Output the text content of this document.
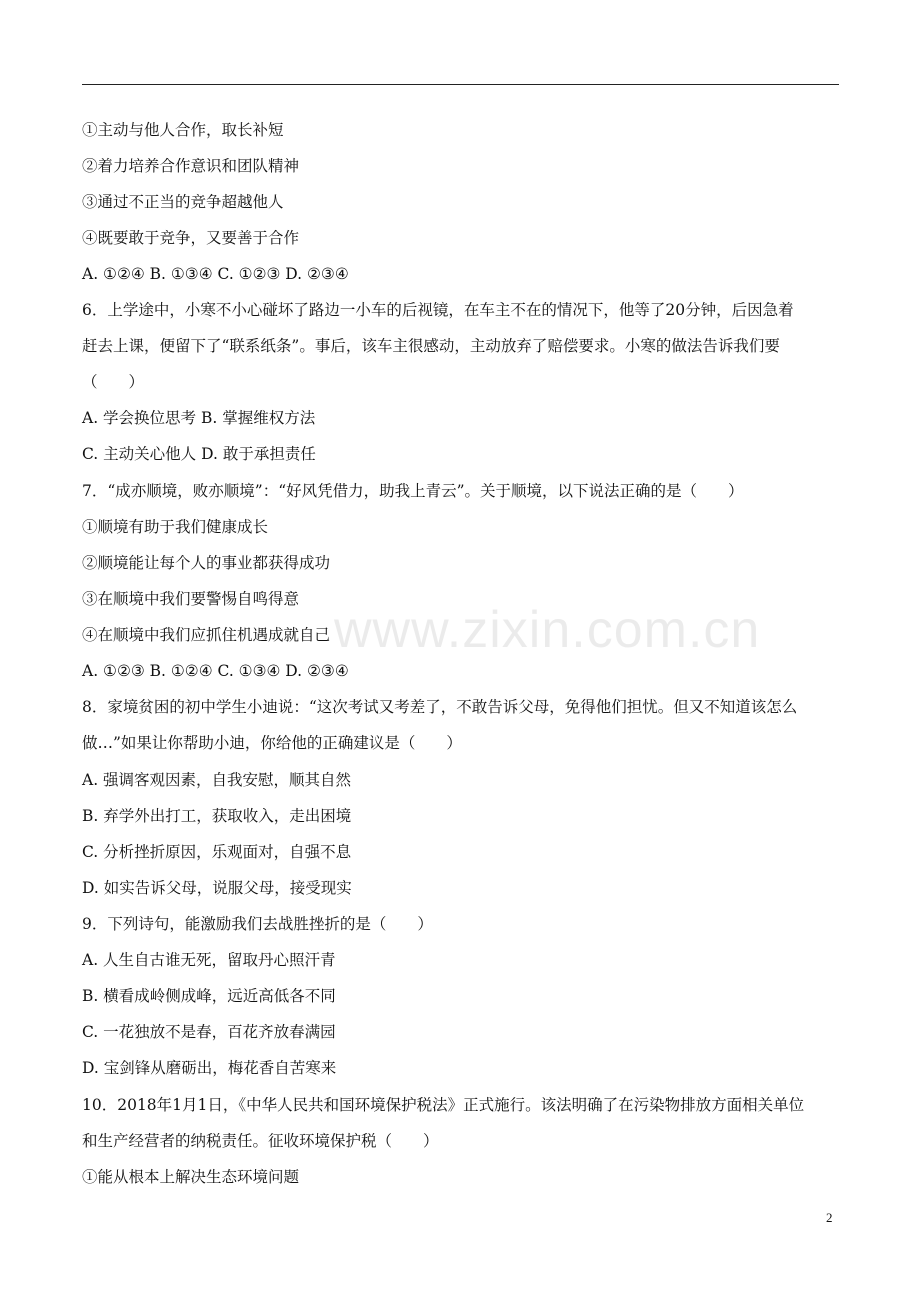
①主动与他人合作，取长补短
②着力培养合作意识和团队精神
③通过不正当的竞争超越他人
④既要敢于竞争，又要善于合作
A. ①②④ B. ①③④ C. ①②③ D. ②③④
6．上学途中，小寒不小心碰坏了路边一小车的后视镜，在车主不在的情况下，他等了20分钟，后因急着
赶去上课，便留下了“联系纸条”。事后，该车主很感动，主动放弃了赔偿要求。小寒的做法告诉我们要
（　　）
A. 学会换位思考 B. 掌握维权方法
C. 主动关心他人 D. 敢于承担责任
7．“成亦顺境，败亦顺境”：“好风凭借力，助我上青云”。关于顺境，以下说法正确的是（　　）
①顺境有助于我们健康成长
②顺境能让每个人的事业都获得成功
③在顺境中我们要警惕自鸣得意
④在顺境中我们应抓住机遇成就自己
A. ①②③ B. ①②④ C. ①③④ D. ②③④
8．家境贫困的初中学生小迪说：“这次考试又考差了，不敢告诉父母，免得他们担忧。但又不知道该怎么
做…”如果让你帮助小迪，你给他的正确建议是（　　）
A. 强调客观因素，自我安慰，顺其自然
B. 弃学外出打工，获取收入，走出困境
C. 分析挫折原因，乐观面对，自强不息
D. 如实告诉父母，说服父母，接受现实
9．下列诗句，能激励我们去战胜挫折的是（　　）
A. 人生自古谁无死，留取丹心照汗青
B. 横看成岭侧成峰，远近高低各不同
C. 一花独放不是春，百花齐放春满园
D. 宝剑锋从磨砺出，梅花香自苦寒来
10．2018年1月1日，《中华人民共和国环境保护税法》正式施行。该法明确了在污染物排放方面相关单位
和生产经营者的纳税责任。征收环境保护税（　　）
①能从根本上解决生态环境问题
www.zixin.com.cn
2
